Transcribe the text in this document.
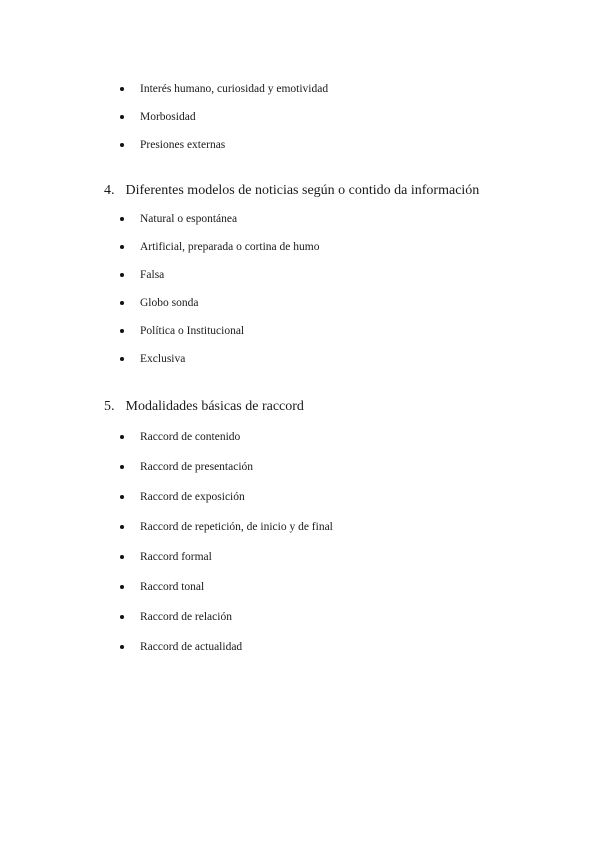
Interés humano, curiosidad y emotividad
Morbosidad
Presiones externas
4. Diferentes modelos de noticias según o contido da información
Natural o espontánea
Artificial, preparada o cortina de humo
Falsa
Globo sonda
Política o Institucional
Exclusiva
5. Modalidades básicas de raccord
Raccord de contenido
Raccord de presentación
Raccord de exposición
Raccord de repetición, de inicio y de final
Raccord formal
Raccord tonal
Raccord de relación
Raccord de actualidad
